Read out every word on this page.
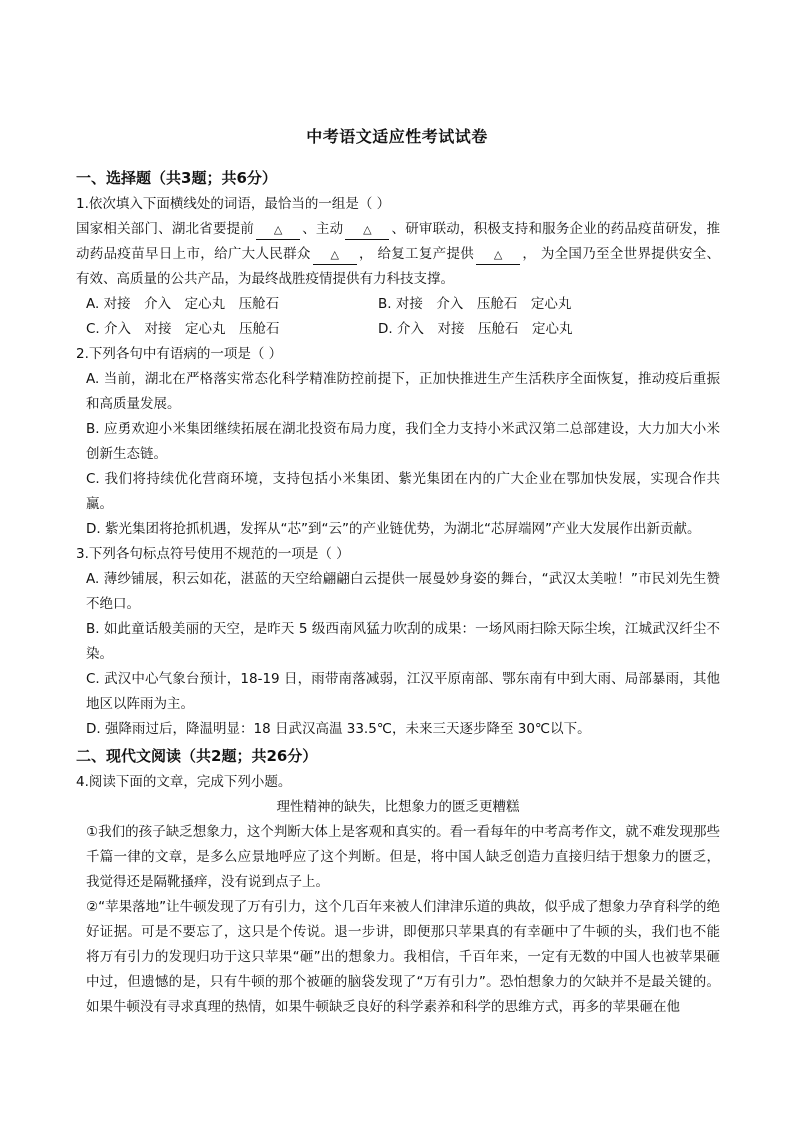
中考语文适应性考试试卷
一、选择题（共3题；共6分）

1.依次填入下面横线处的词语，最恰当的一组是（ ）

国家相关部门、湖北省要提前 △ 、主动 △ 、研审联动，积极支持和服务企业的药品疫苗研发，推动药品疫苗早日上市，给广大人民群众 △ ， 给复工复产提供 △ ， 为全国乃至全世界提供安全、有效、高质量的公共产品，为最终战胜疫情提供有力科技支撑。

A. 对接　介入　定心丸　压舱石	B. 对接　介入　压舱石　定心丸
C. 介入　对接　定心丸　压舱石	D. 介入　对接　压舱石　定心丸

2.下列各句中有语病的一项是（ ）

A. 当前，湖北在严格落实常态化科学精准防控前提下，正加快推进生产生活秩序全面恢复，推动疫后重振和高质量发展。

B. 应勇欢迎小米集团继续拓展在湖北投资布局力度，我们全力支持小米武汉第二总部建设，大力加大小米创新生态链。

C. 我们将持续优化营商环境，支持包括小米集团、紫光集团在内的广大企业在鄂加快发展，实现合作共赢。

D. 紫光集团将抢抓机遇，发挥从“芯”到“云”的产业链优势，为湖北“芯屏端网”产业大发展作出新贡献。

3.下列各句标点符号使用不规范的一项是（ ）

A. 薄纱铺展，积云如花，湛蓝的天空给翩翩白云提供一展曼妙身姿的舞台，“武汉太美啦！”市民刘先生赞不绝口。

B. 如此童话般美丽的天空，是昨天 5 级西南风猛力吹刮的成果：一场风雨扫除天际尘埃，江城武汉纤尘不染。

C. 武汉中心气象台预计，18-19 日，雨带南落减弱，江汉平原南部、鄂东南有中到大雨、局部暴雨，其他地区以阵雨为主。

D. 强降雨过后，降温明显：18 日武汉高温 33.5℃，未来三天逐步降至 30℃以下。

二、现代文阅读（共2题；共26分）

4.阅读下面的文章，完成下列小题。

理性精神的缺失，比想象力的匮乏更糟糕

①我们的孩子缺乏想象力，这个判断大体上是客观和真实的。看一看每年的中考高考作文，就不难发现那些千篇一律的文章，是多么应景地呼应了这个判断。但是，将中国人缺乏创造力直接归结于想象力的匮乏，我觉得还是隔靴搔痒，没有说到点子上。

②“苹果落地”让牛顿发现了万有引力，这个几百年来被人们津津乐道的典故，似乎成了想象力孕育科学的绝好证据。可是不要忘了，这只是个传说。退一步讲，即便那只苹果真的有幸砸中了牛顿的头，我们也不能将万有引力的发现归功于这只苹果“砸”出的想象力。我相信，千百年来，一定有无数的中国人也被苹果砸中过，但遗憾的是，只有牛顿的那个被砸的脑袋发现了“万有引力”。恐怕想象力的欠缺并不是最关键的。如果牛顿没有寻求真理的热情，如果牛顿缺乏良好的科学素养和科学的思维方式，再多的苹果砸在他
